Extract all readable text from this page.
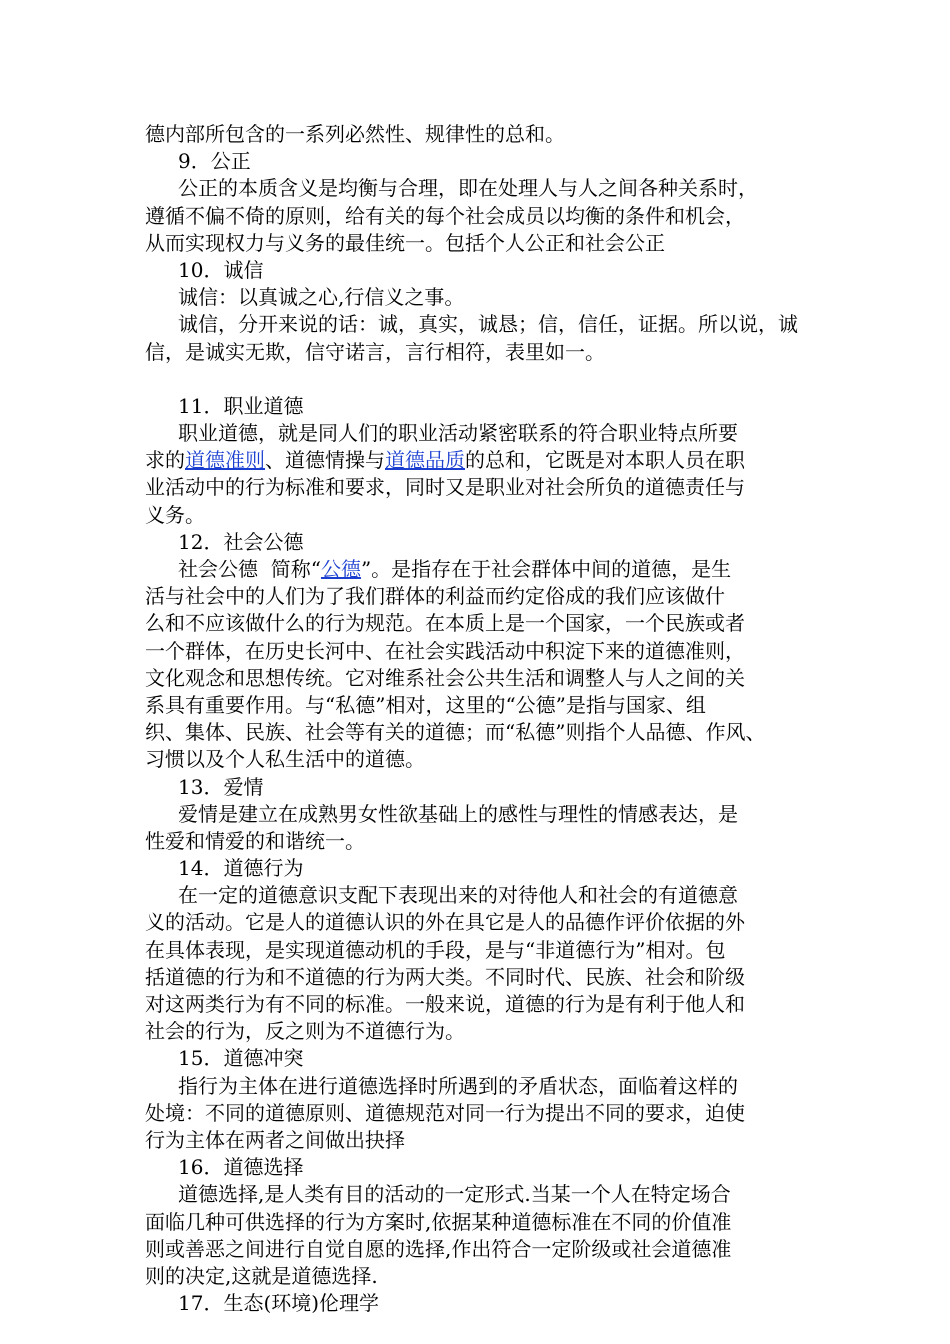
德内部所包含的一系列必然性、规律性的总和。
9．公正
公正的本质含义是均衡与合理，即在处理人与人之间各种关系时，
遵循不偏不倚的原则，给有关的每个社会成员以均衡的条件和机会，
从而实现权力与义务的最佳统一。包括个人公正和社会公正
10．诚信
诚信：以真诚之心,行信义之事。
诚信，分开来说的话：诚，真实，诚恳；信，信任，证据。所以说，诚
信，是诚实无欺，信守诺言，言行相符，表里如一。
11．职业道德
职业道德，就是同人们的职业活动紧密联系的符合职业特点所要
求的道德准则、道德情操与道德品质的总和，它既是对本职人员在职
业活动中的行为标准和要求，同时又是职业对社会所负的道德责任与
义务。
12．社会公德
社会公德  简称“公德”。是指存在于社会群体中间的道德，是生
活与社会中的人们为了我们群体的利益而约定俗成的我们应该做什
么和不应该做什么的行为规范。在本质上是一个国家，一个民族或者
一个群体，在历史长河中、在社会实践活动中积淀下来的道德准则，
文化观念和思想传统。它对维系社会公共生活和调整人与人之间的关
系具有重要作用。与“私德”相对，这里的“公德”是指与国家、组
织、集体、民族、社会等有关的道德；而“私德”则指个人品德、作风、
习惯以及个人私生活中的道德。
13．爱情
爱情是建立在成熟男女性欲基础上的感性与理性的情感表达，是
性爱和情爱的和谐统一。
14．道德行为
在一定的道德意识支配下表现出来的对待他人和社会的有道德意
义的活动。它是人的道德认识的外在具它是人的品德作评价依据的外
在具体表现，是实现道德动机的手段，是与“非道德行为”相对。包
括道德的行为和不道德的行为两大类。不同时代、民族、社会和阶级
对这两类行为有不同的标准。一般来说，道德的行为是有利于他人和
社会的行为，反之则为不道德行为。
15．道德冲突
指行为主体在进行道德选择时所遇到的矛盾状态，面临着这样的
处境：不同的道德原则、道德规范对同一行为提出不同的要求，迫使
行为主体在两者之间做出抉择
16．道德选择
道德选择,是人类有目的活动的一定形式.当某一个人在特定场合
面临几种可供选择的行为方案时,依据某种道德标准在不同的价值准
则或善恶之间进行自觉自愿的选择,作出符合一定阶级或社会道德准
则的决定,这就是道德选择.
17．生态(环境)伦理学
